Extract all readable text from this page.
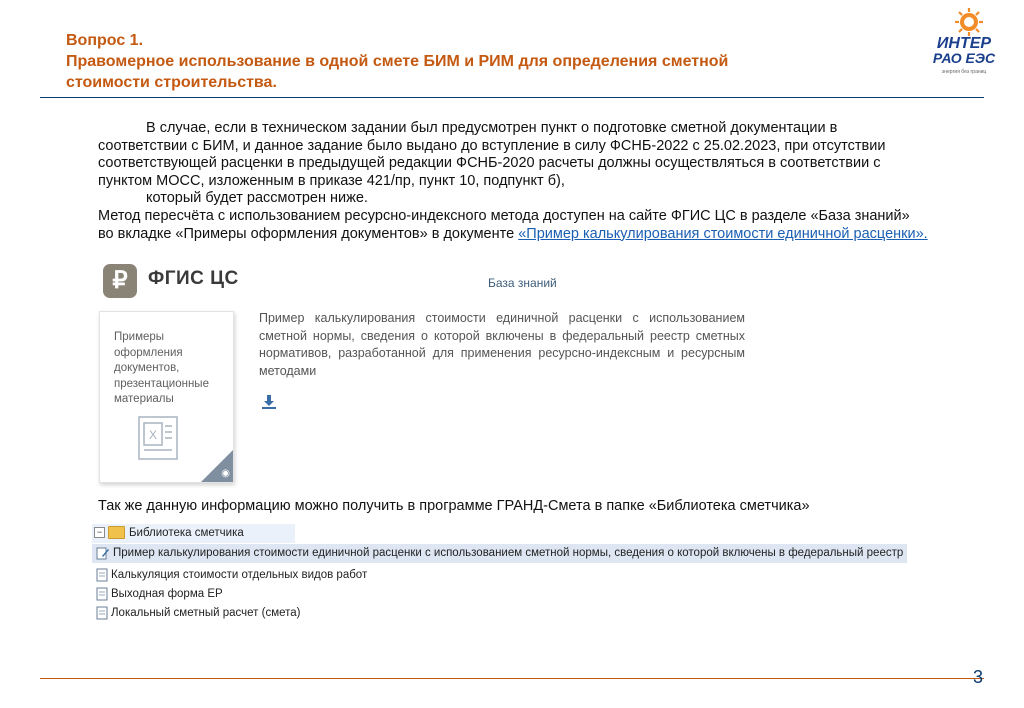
Вопрос 1.
Правомерное использование в одной смете БИМ и РИМ для определения сметной
стоимости строительства.
ИНТЕР
РАО ЕЭС
энергия без границ

В случае, если в техническом задании был предусмотрен пункт о подготовке сметной документации в

соответствии с БИМ, и данное задание было выдано до вступление в силу ФСНБ-2022 с 25.02.2023, при отсутствии соответствующей расценки в предыдущей редакции ФСНБ-2020 расчеты должны осуществляться в соответствии с пунктом МОСС, изложенным в приказе 421/пр, пункт 10, подпункт б),

который будет рассмотрен ниже.

Метод пересчёта с использованием ресурсно-индексного метода доступен на сайте ФГИС ЦС в разделе «База знаний» во вкладке «Примеры оформления документов» в документе «Пример калькулирования стоимости единичной расценки».

₽	ФГИС ЦС	База знаний
Примеры оформления документов, презентационные материалы
X
◉
Пример калькулирования стоимости единичной расценки с использованием сметной нормы, сведения о которой включены в федеральный реестр сметных нормативов, разработанной для применения ресурсно-индексным и ресурсным методами
Так же данную информацию можно получить в программе ГРАНД-Смета в папке «Библиотека сметчика»
− Библиотека сметчика
Пример калькулирования стоимости единичной расценки с использованием сметной нормы, сведения о которой включены в федеральный реестр
Калькуляция стоимости отдельных видов работ
Выходная форма ЕР
Локальный сметный расчет (смета)
3
